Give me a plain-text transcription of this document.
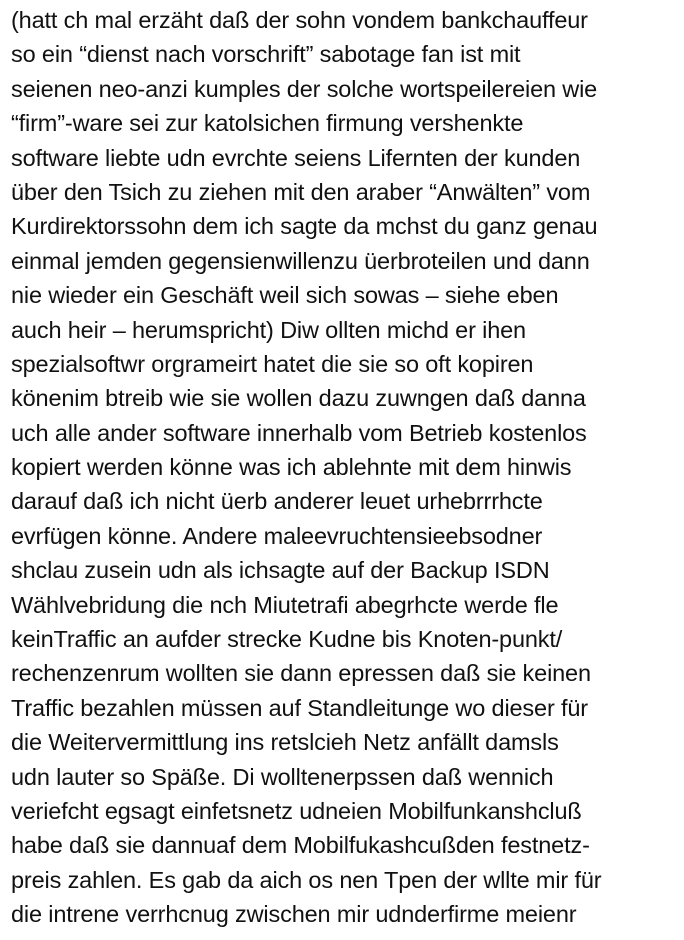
(hatt ch mal erzäht daß der sohn vondem bankchauffeur
so ein “dienst nach vorschrift” sabotage fan ist mit
seienen neo-anzi kumples der solche wortspeilereien wie
“firm”-ware sei zur katolsichen firmung vershenkte
software liebte udn evrchte seiens Lifernten der kunden
über den Tsich zu ziehen mit den araber “Anwälten” vom
Kurdirektorssohn dem ich sagte da mchst du ganz genau
einmal jemden gegensienwillenzu üerbroteilen und dann
nie wieder ein Geschäft weil sich sowas – siehe eben
auch heir – herumspricht) Diw ollten michd er ihen
spezialsoftwr orgrameirt hatet die sie so oft kopiren
könenim btreib wie sie wollen dazu zuwngen daß danna
uch alle ander software innerhalb vom Betrieb kostenlos
kopiert werden könne was ich ablehnte mit dem hinwis
darauf daß ich nicht üerb anderer leuet urhebrrrhcte
evrfügen könne. Andere maleevruchtensieebsodner
shclau zusein udn als ichsagte auf der Backup ISDN
Wählvebridung die nch Miutetrafi abegrhcte werde fle
keinTraffic an aufder strecke Kudne bis Knoten-punkt/
rechenzenrum wollten sie dann epressen daß sie keinen
Traffic bezahlen müssen auf Standleitunge wo dieser für
die Weitervermittlung ins retslcieh Netz anfällt damsls
udn lauter so Späße. Di wolltenerpssen daß wennich
veriefcht egsagt einfetsnetz udneien Mobilfunkanshcluß
habe daß sie dannuaf dem Mobilfukashcußden festnetz-
preis zahlen. Es gab da aich os nen Tpen der wllte mir für
die intrene verrhcnug zwischen mir udnderfirme meienr
